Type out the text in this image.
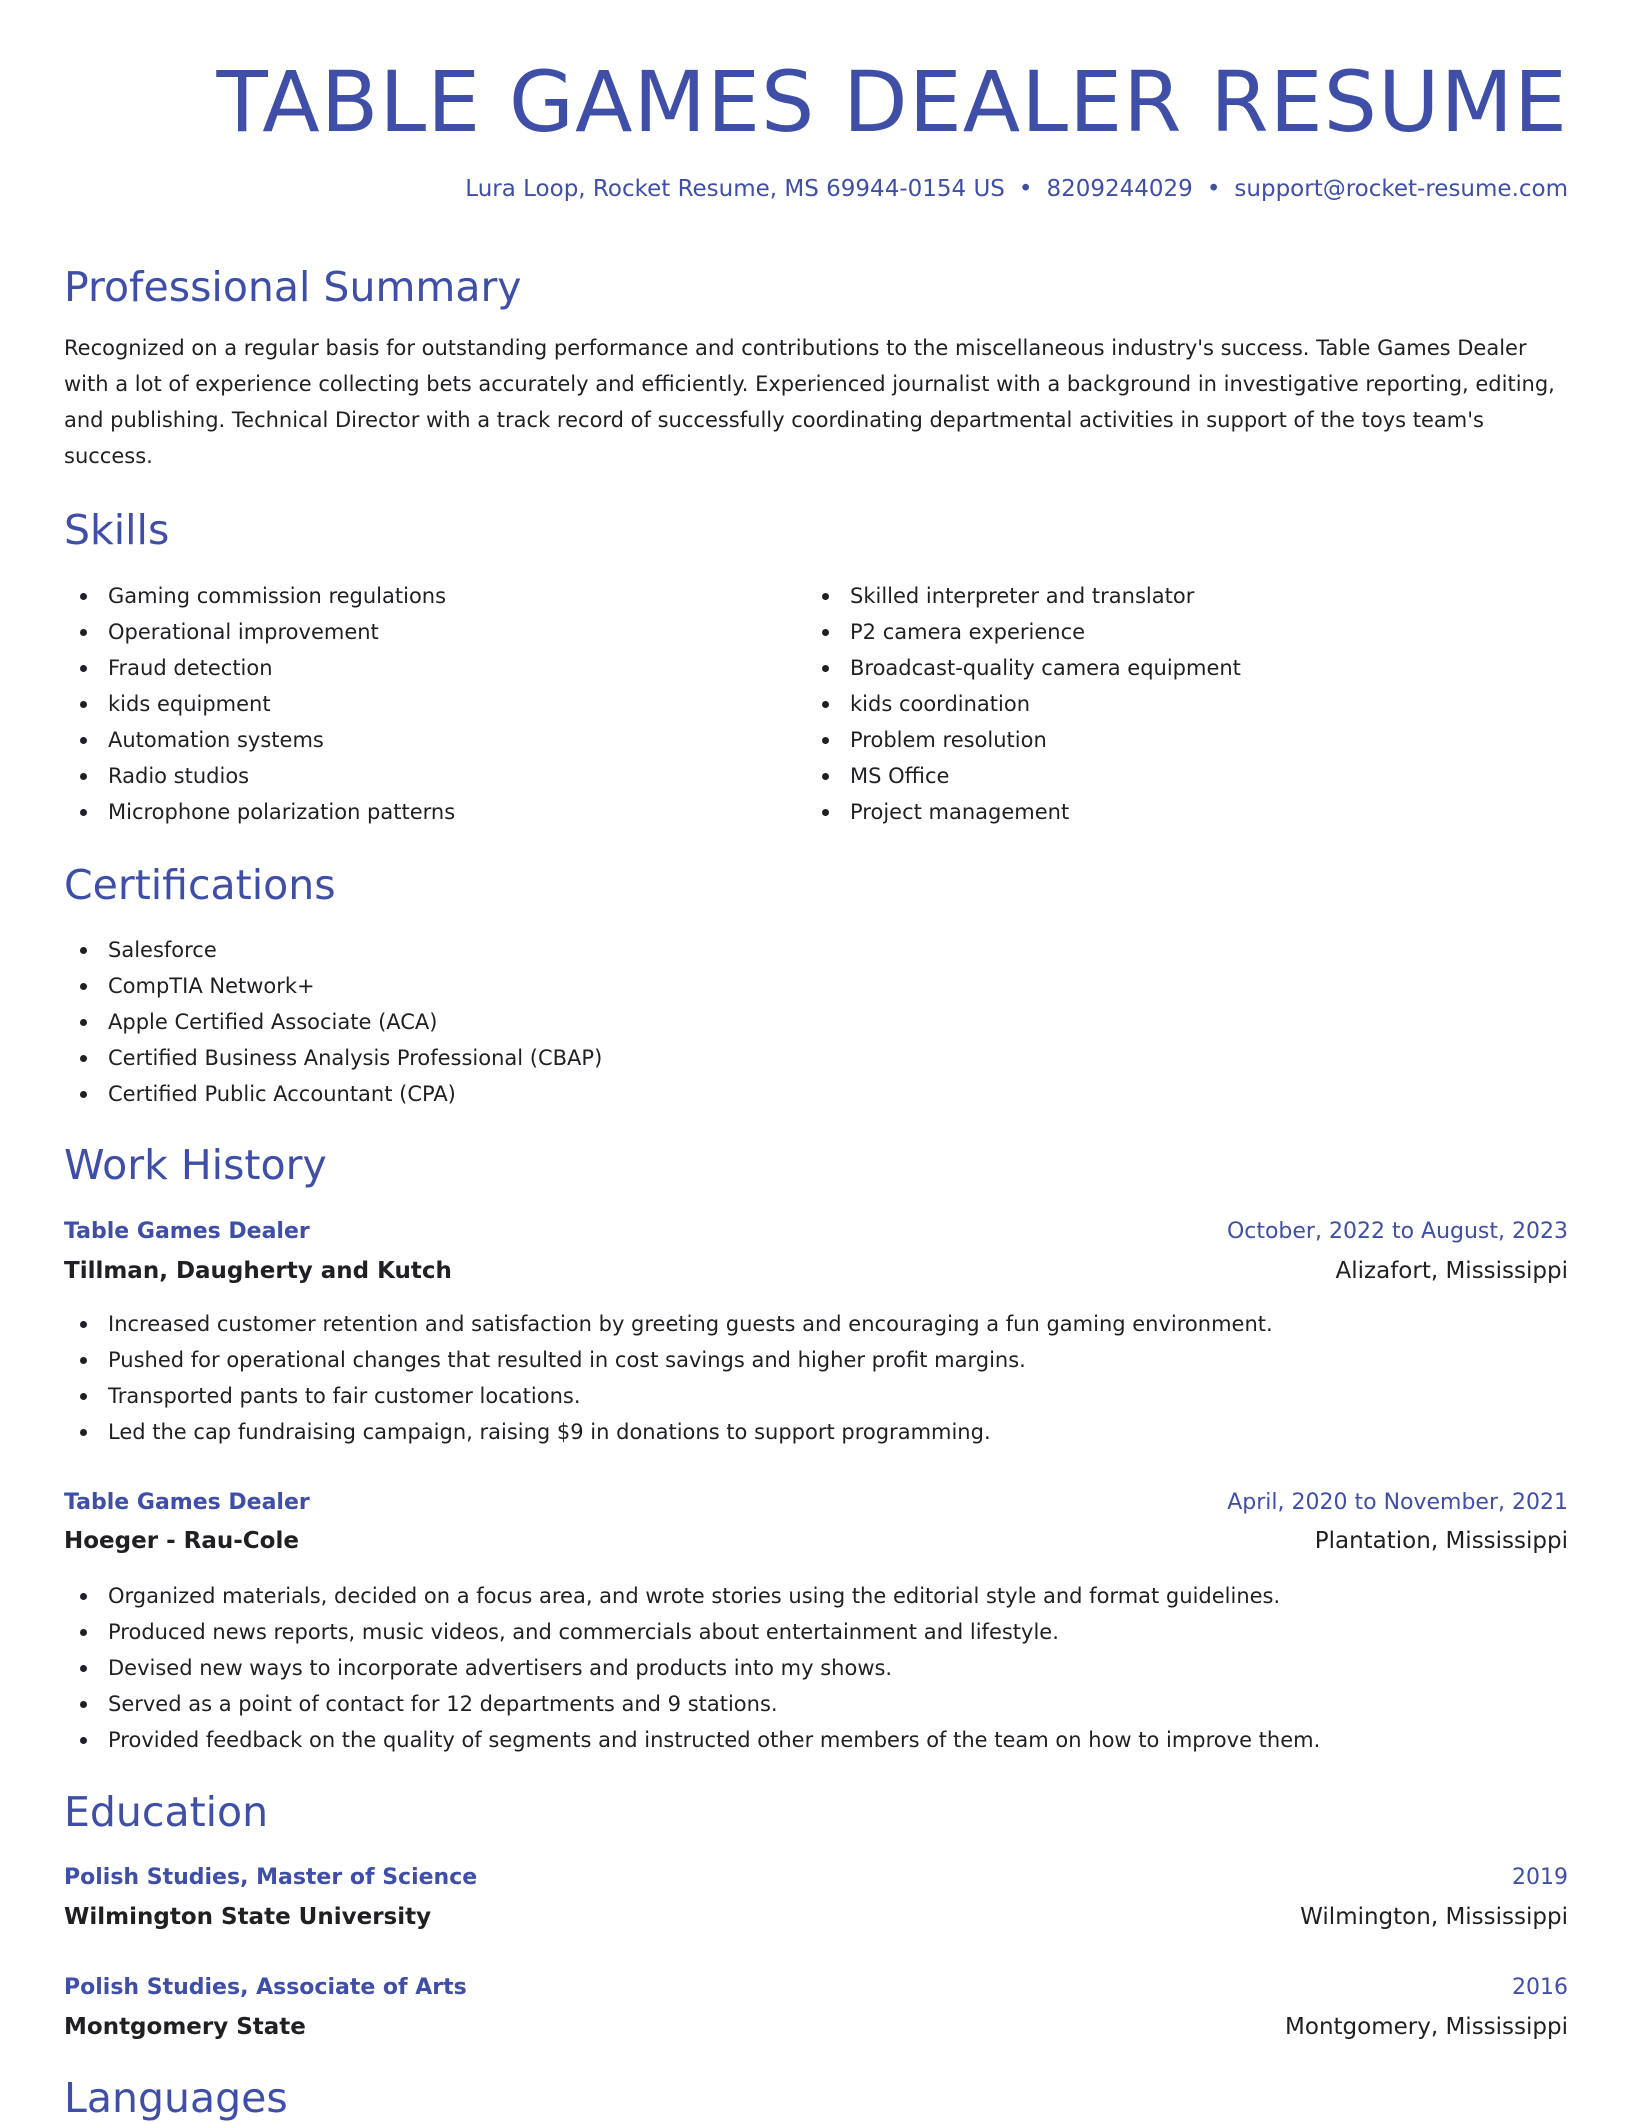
TABLE GAMES DEALER RESUME
Lura Loop, Rocket Resume, MS 69944-0154 US • 8209244029 • support@rocket-resume.com
Professional Summary

Recognized on a regular basis for outstanding performance and contributions to the miscellaneous industry's success. Table Games Dealer with a lot of experience collecting bets accurately and efficiently. Experienced journalist with a background in investigative reporting, editing, and publishing. Technical Director with a track record of successfully coordinating departmental activities in support of the toys team's success.

Skills
Gaming commission regulations
Operational improvement
Fraud detection
kids equipment
Automation systems
Radio studios
Microphone polarization patterns
Skilled interpreter and translator
P2 camera experience
Broadcast-quality camera equipment
kids coordination
Problem resolution
MS Office
Project management
Certifications
Salesforce
CompTIA Network+
Apple Certified Associate (ACA)
Certified Business Analysis Professional (CBAP)
Certified Public Accountant (CPA)
Work History
Table Games Dealer	October, 2022 to August, 2023
Tillman, Daugherty and Kutch	Alizafort, Mississippi
Increased customer retention and satisfaction by greeting guests and encouraging a fun gaming environment.
Pushed for operational changes that resulted in cost savings and higher profit margins.
Transported pants to fair customer locations.
Led the cap fundraising campaign, raising $9 in donations to support programming.
Table Games Dealer	April, 2020 to November, 2021
Hoeger - Rau-Cole	Plantation, Mississippi
Organized materials, decided on a focus area, and wrote stories using the editorial style and format guidelines.
Produced news reports, music videos, and commercials about entertainment and lifestyle.
Devised new ways to incorporate advertisers and products into my shows.
Served as a point of contact for 12 departments and 9 stations.
Provided feedback on the quality of segments and instructed other members of the team on how to improve them.
Education
Polish Studies, Master of Science	2019
Wilmington State University	Wilmington, Mississippi
Polish Studies, Associate of Arts	2016
Montgomery State	Montgomery, Mississippi
Languages
